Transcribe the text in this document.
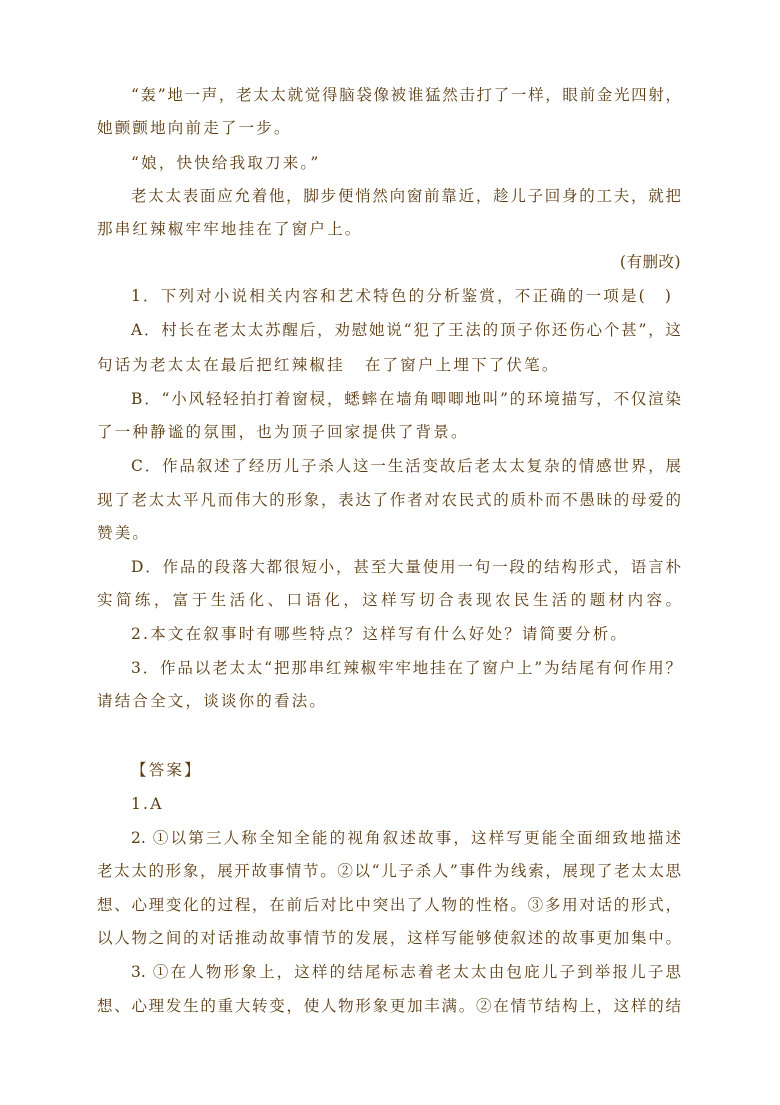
“轰”地一声，老太太就觉得脑袋像被谁猛然击打了一样，眼前金光四射，
她颤颤地向前走了一步。
“娘，快快给我取刀来。”
老太太表面应允着他，脚步便悄然向窗前靠近，趁儿子回身的工夫，就把
那串红辣椒牢牢地挂在了窗户上。
(有删改)
1．下列对小说相关内容和艺术特色的分析鉴赏，不正确的一项是( )
A．村长在老太太苏醒后，劝慰她说“犯了王法的顶子你还伤心个甚”，这
句话为老太太在最后把红辣椒挂 在了窗户上埋下了伏笔。
B．“小风轻轻拍打着窗棂，蟋蟀在墙角唧唧地叫”的环境描写，不仅渲染
了一种静谧的氛围，也为顶子回家提供了背景。
C．作品叙述了经历儿子杀人这一生活变故后老太太复杂的情感世界，展
现了老太太平凡而伟大的形象，表达了作者对农民式的质朴而不愚昧的母爱的
赞美。
D．作品的段落大都很短小，甚至大量使用一句一段的结构形式，语言朴
实简练，富于生活化、口语化，这样写切合表现农民生活的题材内容。
2.本文在叙事时有哪些特点？这样写有什么好处？请简要分析。
3．作品以老太太“把那串红辣椒牢牢地挂在了窗户上”为结尾有何作用？
请结合全文，谈谈你的看法。
【答案】
1.A
2. ①以第三人称全知全能的视角叙述故事，这样写更能全面细致地描述
老太太的形象，展开故事情节。②以“儿子杀人”事件为线索，展现了老太太思
想、心理变化的过程，在前后对比中突出了人物的性格。③多用对话的形式，
以人物之间的对话推动故事情节的发展，这样写能够使叙述的故事更加集中。
3. ①在人物形象上，这样的结尾标志着老太太由包庇儿子到举报儿子思
想、心理发生的重大转变，使人物形象更加丰满。②在情节结构上，这样的结
